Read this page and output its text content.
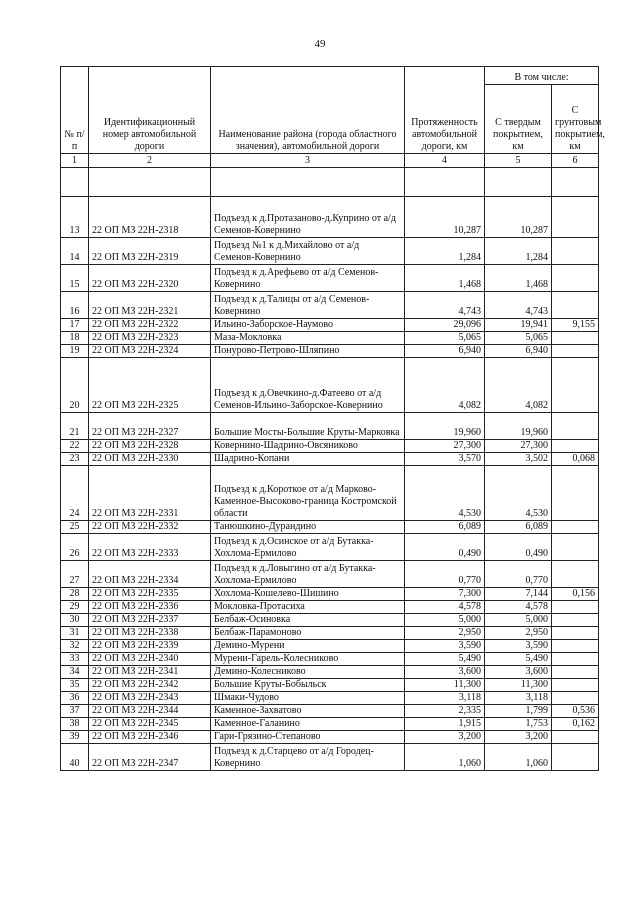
49
№ п/п	Идентификационный номер автомобильной дороги	Наименование района (города областного значения), автомобильной дороги	Протяженность автомобильной дороги, км	В том числе:	
				С твердым покрытием, км	С грунтовым покрытием, км
1	2	3	4	5	6

13	22 ОП МЗ 22Н-2318	Подъезд к д.Протазаново-д.Куприно от а/д Семенов-Ковернино	10,287	10,287	
14	22 ОП МЗ 22Н-2319	Подъезд №1 к д.Михайлово от а/д Семенов-Ковернино	1,284	1,284	
15	22 ОП МЗ 22Н-2320	Подъезд к д.Арефьево от а/д Семенов-Ковернино	1,468	1,468	
16	22 ОП МЗ 22Н-2321	Подъезд к д.Талицы от а/д Семенов-Ковернино	4,743	4,743	
17	22 ОП МЗ 22Н-2322	Ильино-Заборское-Наумово	29,096	19,941	9,155
18	22 ОП МЗ 22Н-2323	Маза-Мокловка	5,065	5,065	
19	22 ОП МЗ 22Н-2324	Понурово-Петрово-Шляпино	6,940	6,940	
20	22 ОП МЗ 22Н-2325	Подъезд к д.Овечкино-д.Фатеево от а/д Семенов-Ильино-Заборское-Ковернино	4,082	4,082	
21	22 ОП МЗ 22Н-2327	Большие Мосты-Большие Круты-Марковка	19,960	19,960	
22	22 ОП МЗ 22Н-2328	Ковернино-Шадрино-Овсяниково	27,300	27,300	
23	22 ОП МЗ 22Н-2330	Шадрино-Копани	3,570	3,502	0,068
24	22 ОП МЗ 22Н-2331	Подъезд к д.Короткое от а/д Марково-Каменное-Высоково-граница Костромской области	4,530	4,530	
25	22 ОП МЗ 22Н-2332	Танюшкино-Дурандино	6,089	6,089	
26	22 ОП МЗ 22Н-2333	Подъезд к д.Осинское от а/д Бутакка-Хохлома-Ермилово	0,490	0,490	
27	22 ОП МЗ 22Н-2334	Подъезд к д.Ловыгино от а/д Бутакка-Хохлома-Ермилово	0,770	0,770	
28	22 ОП МЗ 22Н-2335	Хохлома-Кошелево-Шишино	7,300	7,144	0,156
29	22 ОП МЗ 22Н-2336	Мокловка-Протасиха	4,578	4,578	
30	22 ОП МЗ 22Н-2337	Белбаж-Осиновка	5,000	5,000	
31	22 ОП МЗ 22Н-2338	Белбаж-Парамоново	2,950	2,950	
32	22 ОП МЗ 22Н-2339	Демино-Мурени	3,590	3,590	
33	22 ОП МЗ 22Н-2340	Мурени-Гарель-Колесниково	5,490	5,490	
34	22 ОП МЗ 22Н-2341	Демино-Колесниково	3,600	3,600	
35	22 ОП МЗ 22Н-2342	Большие Круты-Бобыльск	11,300	11,300	
36	22 ОП МЗ 22Н-2343	Шмаки-Чудово	3,118	3,118	
37	22 ОП МЗ 22Н-2344	Каменное-Захватово	2,335	1,799	0,536
38	22 ОП МЗ 22Н-2345	Каменное-Галанино	1,915	1,753	0,162
39	22 ОП МЗ 22Н-2346	Гари-Грязино-Степаново	3,200	3,200	
40	22 ОП МЗ 22Н-2347	Подъезд к д.Старцево от а/д Городец-Ковернино	1,060	1,060	
